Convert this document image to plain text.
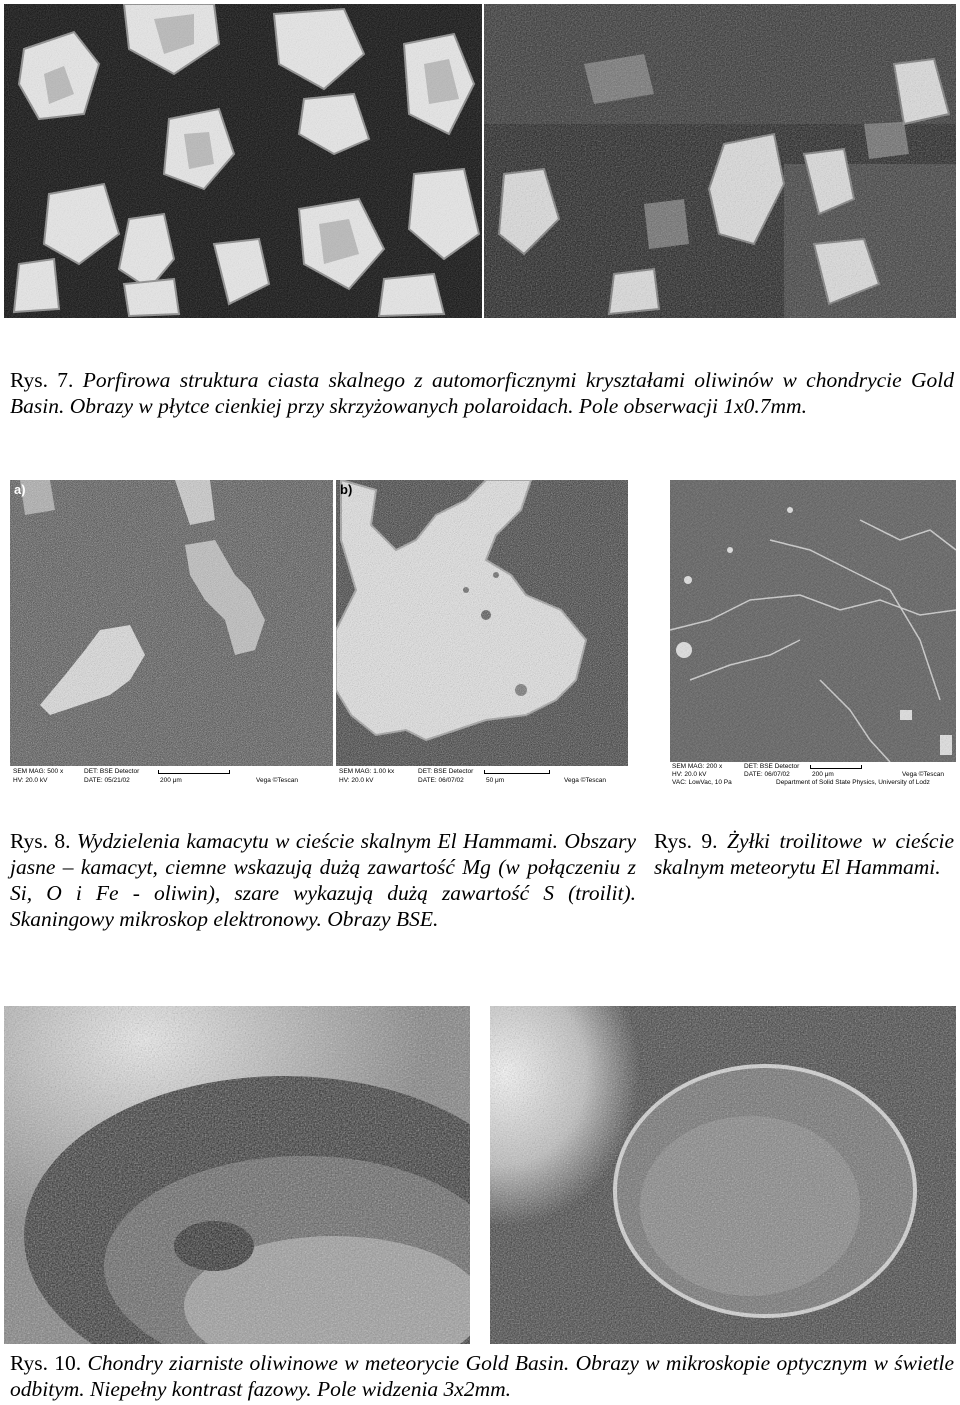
Rys. 7. Porfirowa struktura ciasta skalnego z automorficznymi kryształami oliwinów w chondrycie Gold Basin. Obrazy w płytce cienkiej przy skrzyżowanych polaroidach. Pole obserwacji 1x0.7mm.

a)
SEM MAG: 500 x
HV: 20.0 kV
DET: BSE Detector
DATE: 05/21/02	200 μm	Vega ©Tescan
b)
SEM MAG: 1.00 kx
HV: 20.0 kV
DET: BSE Detector
DATE: 06/07/02	50 μm	Vega ©Tescan
SEM MAG: 200 x
HV: 20.0 kV
VAC: LowVac, 10 Pa
DET: BSE Detector
DATE: 06/07/02	200 μm	Vega ©Tescan
Department of Solid State Physics, University of Lodz

Rys. 8. Wydzielenia kamacytu w cieście skalnym El Hammami. Obszary jasne – kamacyt, ciemne wskazują dużą zawartość Mg (w połączeniu z Si, O i Fe - oliwin), szare wykazują dużą zawartość S (troilit). Skaningowy mikroskop elektronowy. Obrazy BSE.

Rys. 9. Żyłki troilitowe w cieście skalnym meteorytu El Hammami.

Rys. 10. Chondry ziarniste oliwinowe w meteorycie Gold Basin. Obrazy w mikroskopie optycznym w świetle odbitym. Niepełny kontrast fazowy. Pole widzenia 3x2mm.
